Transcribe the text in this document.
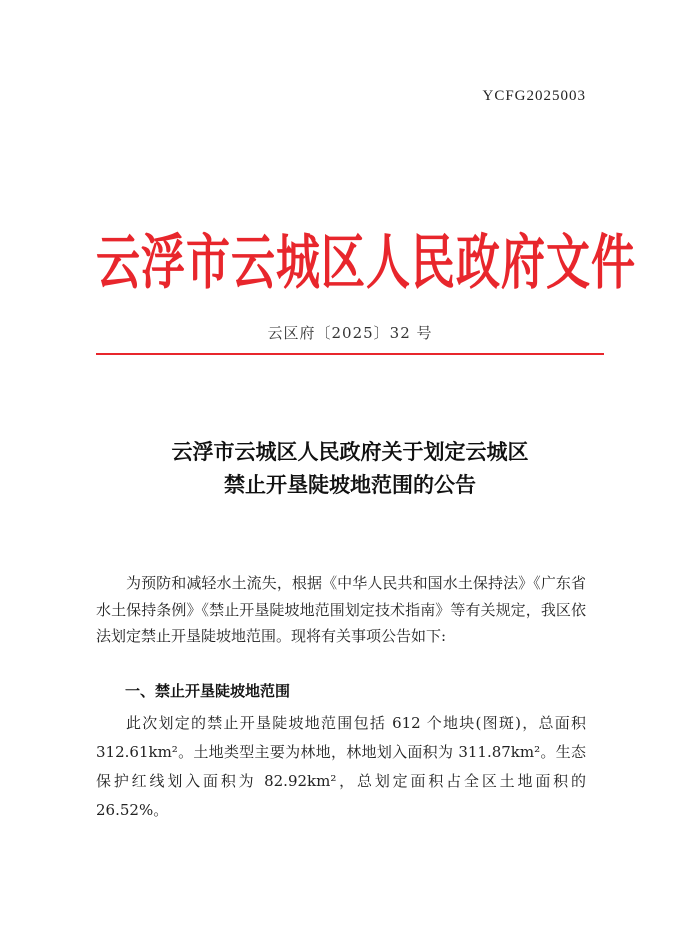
YCFG2025003
云浮市云城区人民政府文件
云区府〔2025〕32 号
云浮市云城区人民政府关于划定云城区
禁止开垦陡坡地范围的公告
为预防和减轻水土流失，根据《中华人民共和国水土保持法》《广东省水土保持条例》《禁止开垦陡坡地范围划定技术指南》等有关规定，我区依法划定禁止开垦陡坡地范围。现将有关事项公告如下:
一、禁止开垦陡坡地范围
此次划定的禁止开垦陡坡地范围包括 612 个地块(图斑)，总面积 312.61km²。土地类型主要为林地，林地划入面积为 311.87km²。生态保护红线划入面积为 82.92km²，总划定面积占全区土地面积的 26.52%。
